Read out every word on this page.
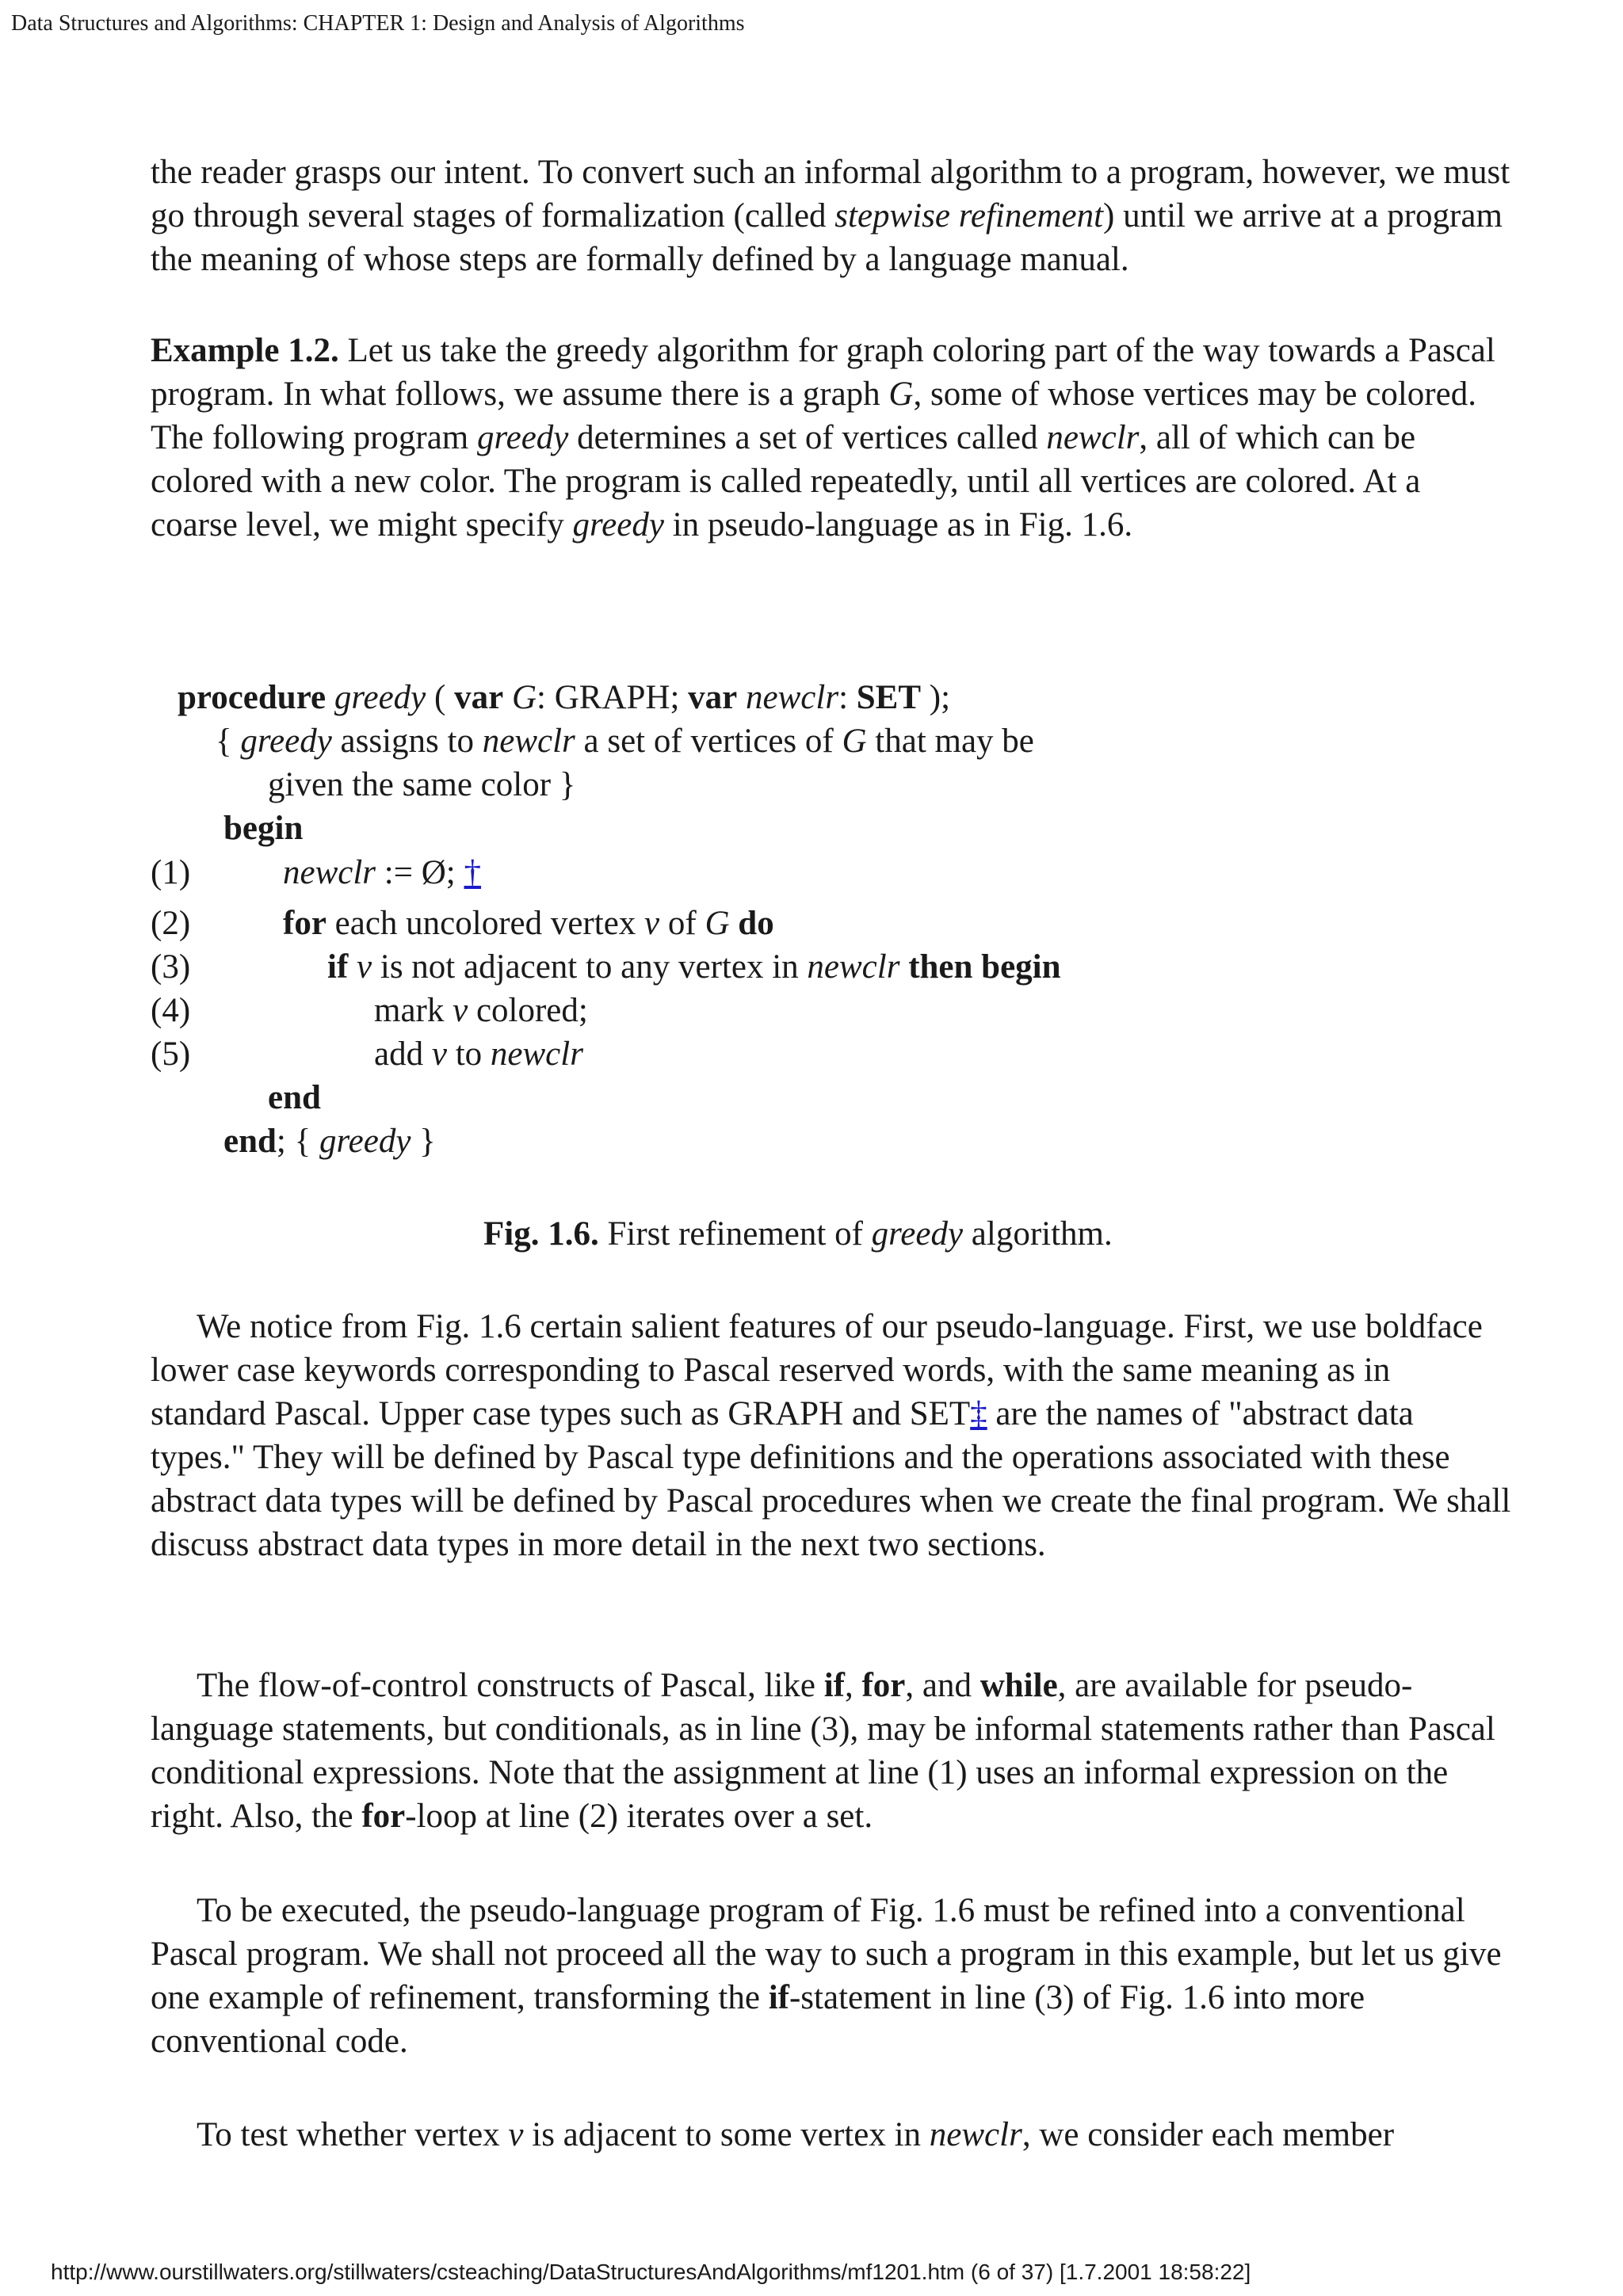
Data Structures and Algorithms: CHAPTER 1: Design and Analysis of Algorithms

the reader grasps our intent. To convert such an informal algorithm to a program, however, we must go through several stages of formalization (called stepwise refinement) until we arrive at a program the meaning of whose steps are formally defined by a language manual.

Example 1.2. Let us take the greedy algorithm for graph coloring part of the way towards a Pascal program. In what follows, we assume there is a graph G, some of whose vertices may be colored. The following program greedy determines a set of vertices called newclr, all of which can be colored with a new color. The program is called repeatedly, until all vertices are colored. At a coarse level, we might specify greedy in pseudo-language as in Fig. 1.6.

procedure greedy ( var G: GRAPH; var newclr: SET );
{ greedy assigns to newclr a set of vertices of G that may be
given the same color }
begin
(1)	newclr := Ø; †
(2)	for each uncolored vertex v of G do
(3)	if v is not adjacent to any vertex in newclr then begin
(4)	mark v colored;
(5)	add v to newclr
end
end; { greedy }
Fig. 1.6. First refinement of greedy algorithm.

We notice from Fig. 1.6 certain salient features of our pseudo-language. First, we use boldface lower case keywords corresponding to Pascal reserved words, with the same meaning as in standard Pascal. Upper case types such as GRAPH and SET‡ are the names of "abstract data types." They will be defined by Pascal type definitions and the operations associated with these abstract data types will be defined by Pascal procedures when we create the final program. We shall discuss abstract data types in more detail in the next two sections.

The flow-of-control constructs of Pascal, like if, for, and while, are available for pseudo-language statements, but conditionals, as in line (3), may be informal statements rather than Pascal conditional expressions. Note that the assignment at line (1) uses an informal expression on the right. Also, the for-loop at line (2) iterates over a set.

To be executed, the pseudo-language program of Fig. 1.6 must be refined into a conventional Pascal program. We shall not proceed all the way to such a program in this example, but let us give one example of refinement, transforming the if-statement in line (3) of Fig. 1.6 into more conventional code.

To test whether vertex v is adjacent to some vertex in newclr, we consider each member

http://www.ourstillwaters.org/stillwaters/csteaching/DataStructuresAndAlgorithms/mf1201.htm (6 of 37) [1.7.2001 18:58:22]
